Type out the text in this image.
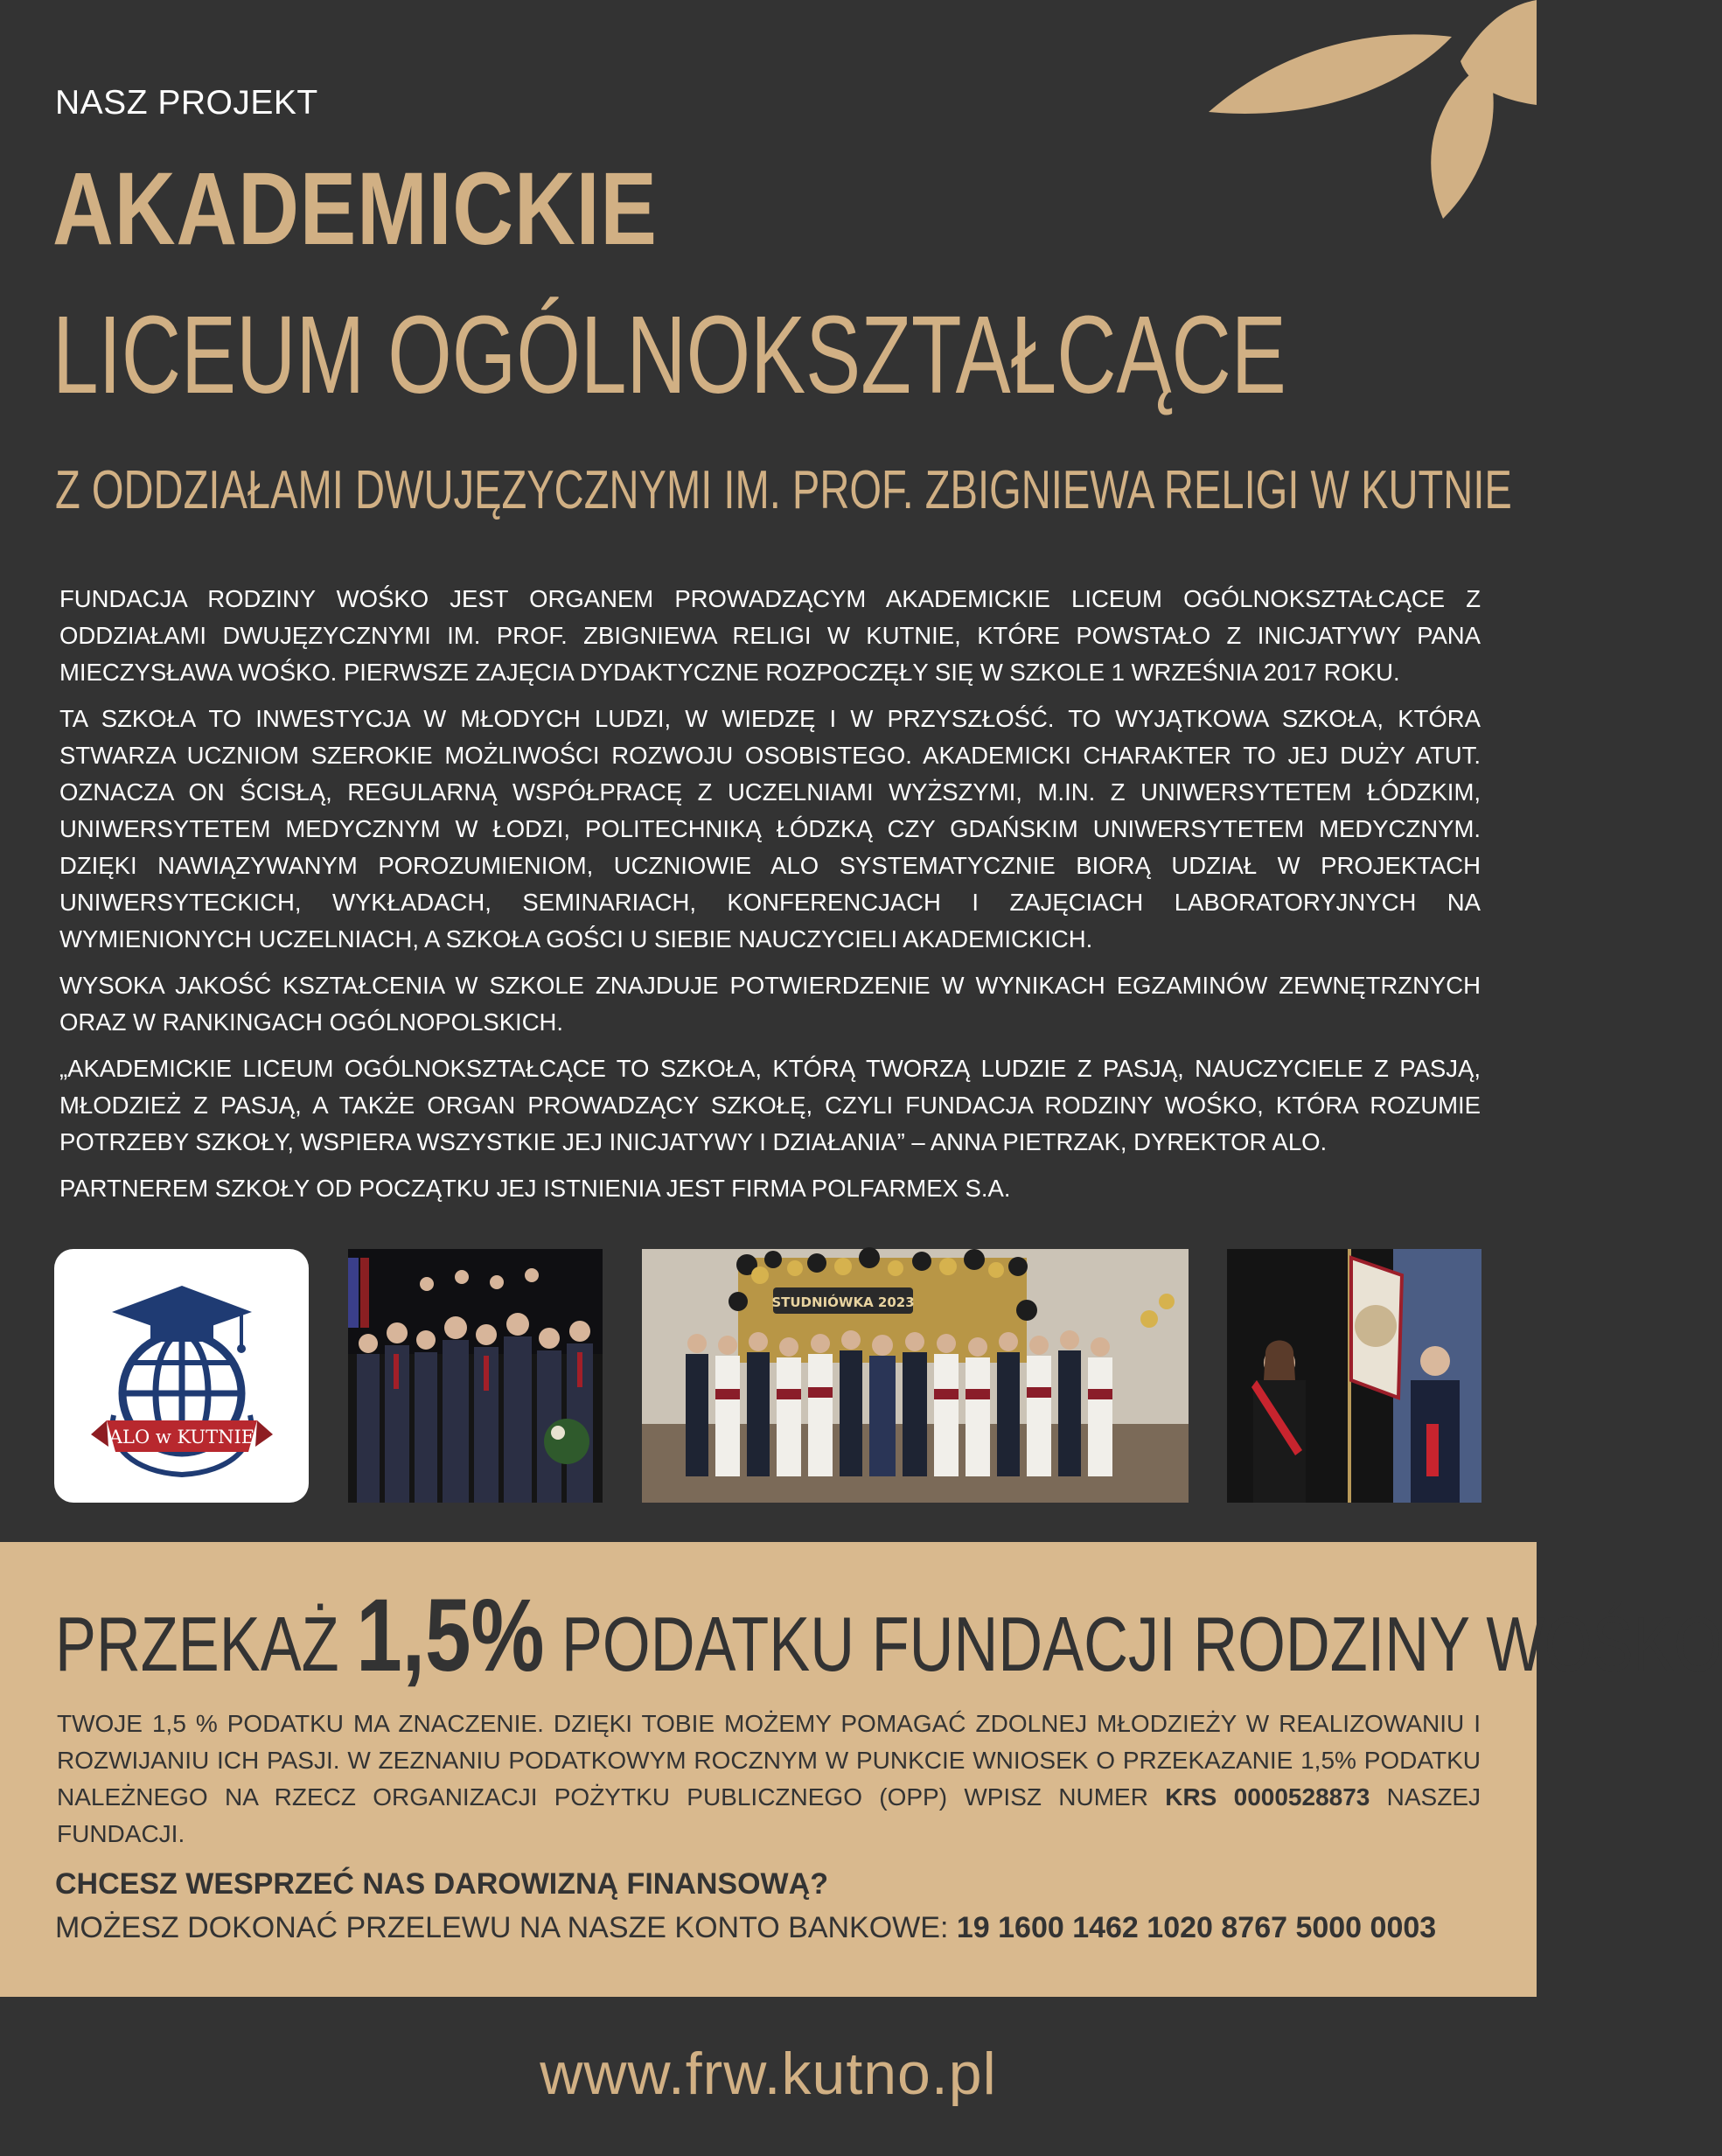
NASZ PROJEKT
AKADEMICKIE
LICEUM OGÓLNOKSZTAŁCĄCE
Z ODDZIAŁAMI DWUJĘZYCZNYMI IM. PROF. ZBIGNIEWA RELIGI W KUTNIE

FUNDACJA RODZINY WOŚKO JEST ORGANEM PROWADZĄCYM AKADEMICKIE LICEUM OGÓLNOKSZTAŁCĄCE Z ODDZIAŁAMI DWUJĘZYCZNYMI IM. PROF. ZBIGNIEWA RELIGI W KUTNIE, KTÓRE POWSTAŁO Z INICJATYWY PANA MIECZYSŁAWA WOŚKO. PIERWSZE ZAJĘCIA DYDAKTYCZNE ROZPOCZĘŁY SIĘ W SZKOLE 1 WRZEŚNIA 2017 ROKU.

TA SZKOŁA TO INWESTYCJA W MŁODYCH LUDZI, W WIEDZĘ I W PRZYSZŁOŚĆ. TO WYJĄTKOWA SZKOŁA, KTÓRA STWARZA UCZNIOM SZEROKIE MOŻLIWOŚCI ROZWOJU OSOBISTEGO. AKADEMICKI CHARAKTER TO JEJ DUŻY ATUT. OZNACZA ON ŚCISŁĄ, REGULARNĄ WSPÓŁPRACĘ Z UCZELNIAMI WYŻSZYMI, M.IN. Z UNIWERSYTETEM ŁÓDZKIM, UNIWERSYTETEM MEDYCZNYM W ŁODZI, POLITECHNIKĄ ŁÓDZKĄ CZY GDAŃSKIM UNIWERSYTETEM MEDYCZNYM. DZIĘKI NAWIĄZYWANYM POROZUMIENIOM, UCZNIOWIE ALO SYSTEMATYCZNIE BIORĄ UDZIAŁ W PROJEKTACH UNIWERSYTECKICH, WYKŁADACH, SEMINARIACH, KONFERENCJACH I ZAJĘCIACH LABORATORYJNYCH NA WYMIENIONYCH UCZELNIACH, A SZKOŁA GOŚCI U SIEBIE NAUCZYCIELI AKADEMICKICH.

WYSOKA JAKOŚĆ KSZTAŁCENIA W SZKOLE ZNAJDUJE POTWIERDZENIE W WYNIKACH EGZAMINÓW ZEWNĘTRZNYCH ORAZ W RANKINGACH OGÓLNOPOLSKICH.

„AKADEMICKIE LICEUM OGÓLNOKSZTAŁCĄCE TO SZKOŁA, KTÓRĄ TWORZĄ LUDZIE Z PASJĄ, NAUCZYCIELE Z PASJĄ, MŁODZIEŻ Z PASJĄ, A TAKŻE ORGAN PROWADZĄCY SZKOŁĘ, CZYLI FUNDACJA RODZINY WOŚKO, KTÓRA ROZUMIE POTRZEBY SZKOŁY, WSPIERA WSZYSTKIE JEJ INICJATYWY I DZIAŁANIA” – ANNA PIETRZAK, DYREKTOR ALO.

PARTNEREM SZKOŁY OD POCZĄTKU JEJ ISTNIENIA JEST FIRMA POLFARMEX S.A.

ALO w KUTNIE
STUDNIÓWKA 2023
PRZEKAŻ 1,5% PODATKU FUNDACJI RODZINY WOŚKO
TWOJE 1,5 % PODATKU MA ZNACZENIE. DZIĘKI TOBIE MOŻEMY POMAGAĆ ZDOLNEJ MŁODZIEŻY W REALIZOWANIU I ROZWIJANIU ICH PASJI. W ZEZNANIU PODATKOWYM ROCZNYM W PUNKCIE WNIOSEK O PRZEKAZANIE 1,5% PODATKU NALEŻNEGO NA RZECZ ORGANIZACJI POŻYTKU PUBLICZNEGO (OPP) WPISZ NUMER KRS 0000528873 NASZEJ FUNDACJI.
CHCESZ WESPRZEĆ NAS DAROWIZNĄ FINANSOWĄ?
MOŻESZ DOKONAĆ PRZELEWU NA NASZE KONTO BANKOWE: 19 1600 1462 1020 8767 5000 0003
www.frw.kutno.pl
